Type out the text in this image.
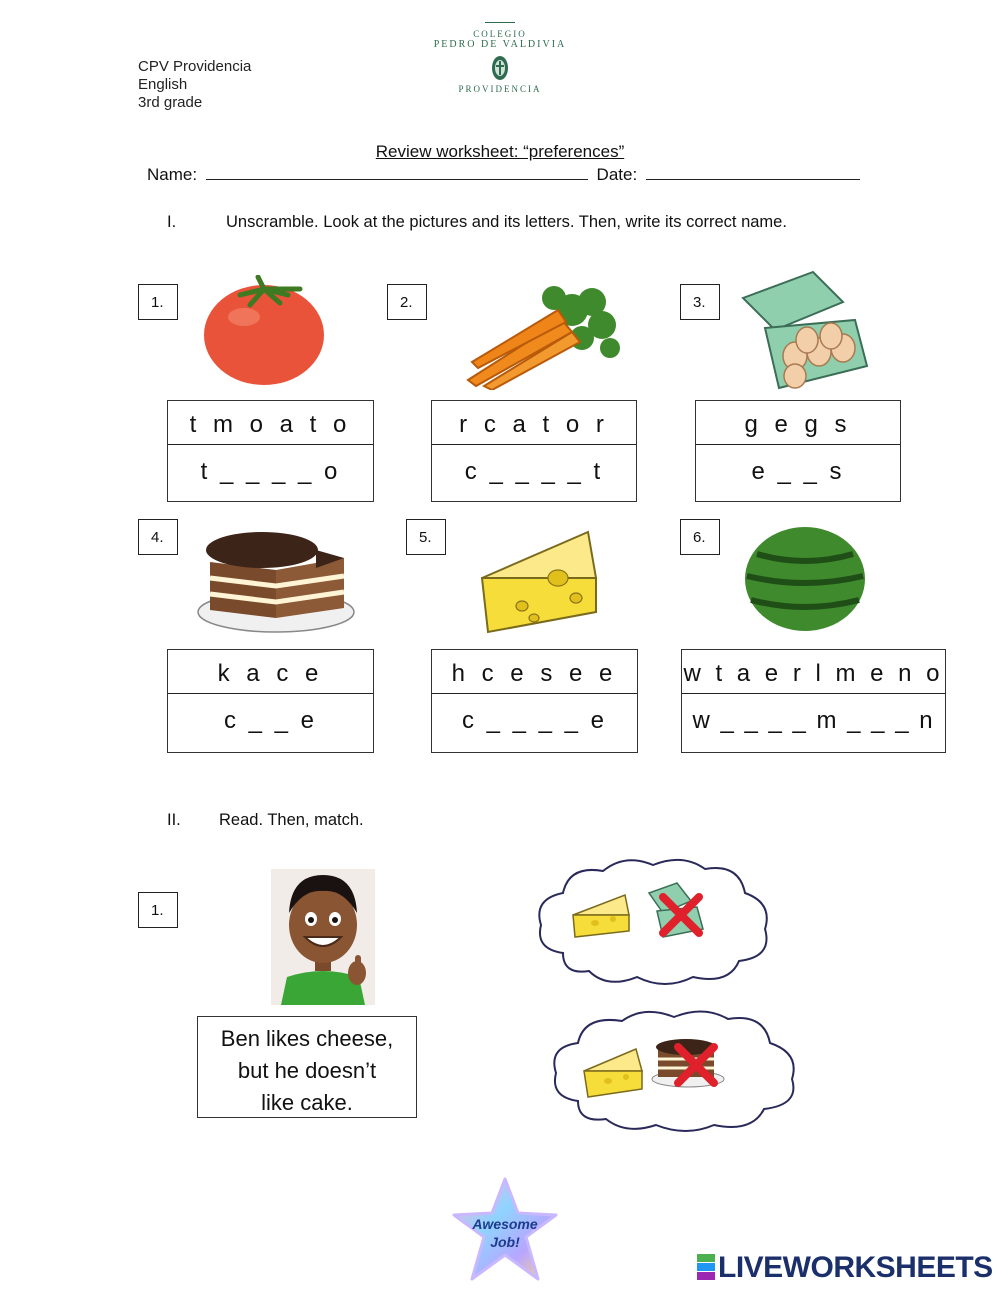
CPV Providencia
English
3rd grade
COLEGIO
PEDRO DE VALDIVIA
PROVIDENCIA
Review worksheet: “preferences”
Name:	Date:
I.	Unscramble. Look at the pictures and its letters. Then, write its correct name.
1.	2.	3.
4.	5.	6.
t m o a t o
t _ _ _ _ o
r c a t o r
c _ _ _ _ t
g e g s
e _ _ s
k a c e
c _ _ e
h c e s e e
c _ _ _ _ e
w t a e r l m e n o
w _ _ _ _ m _ _ _ n
II. Read. Then, match.
1.
Ben likes cheese,
but he doesn’t
like cake.
Awesome
Job!
LIVEWORKSHEETS
